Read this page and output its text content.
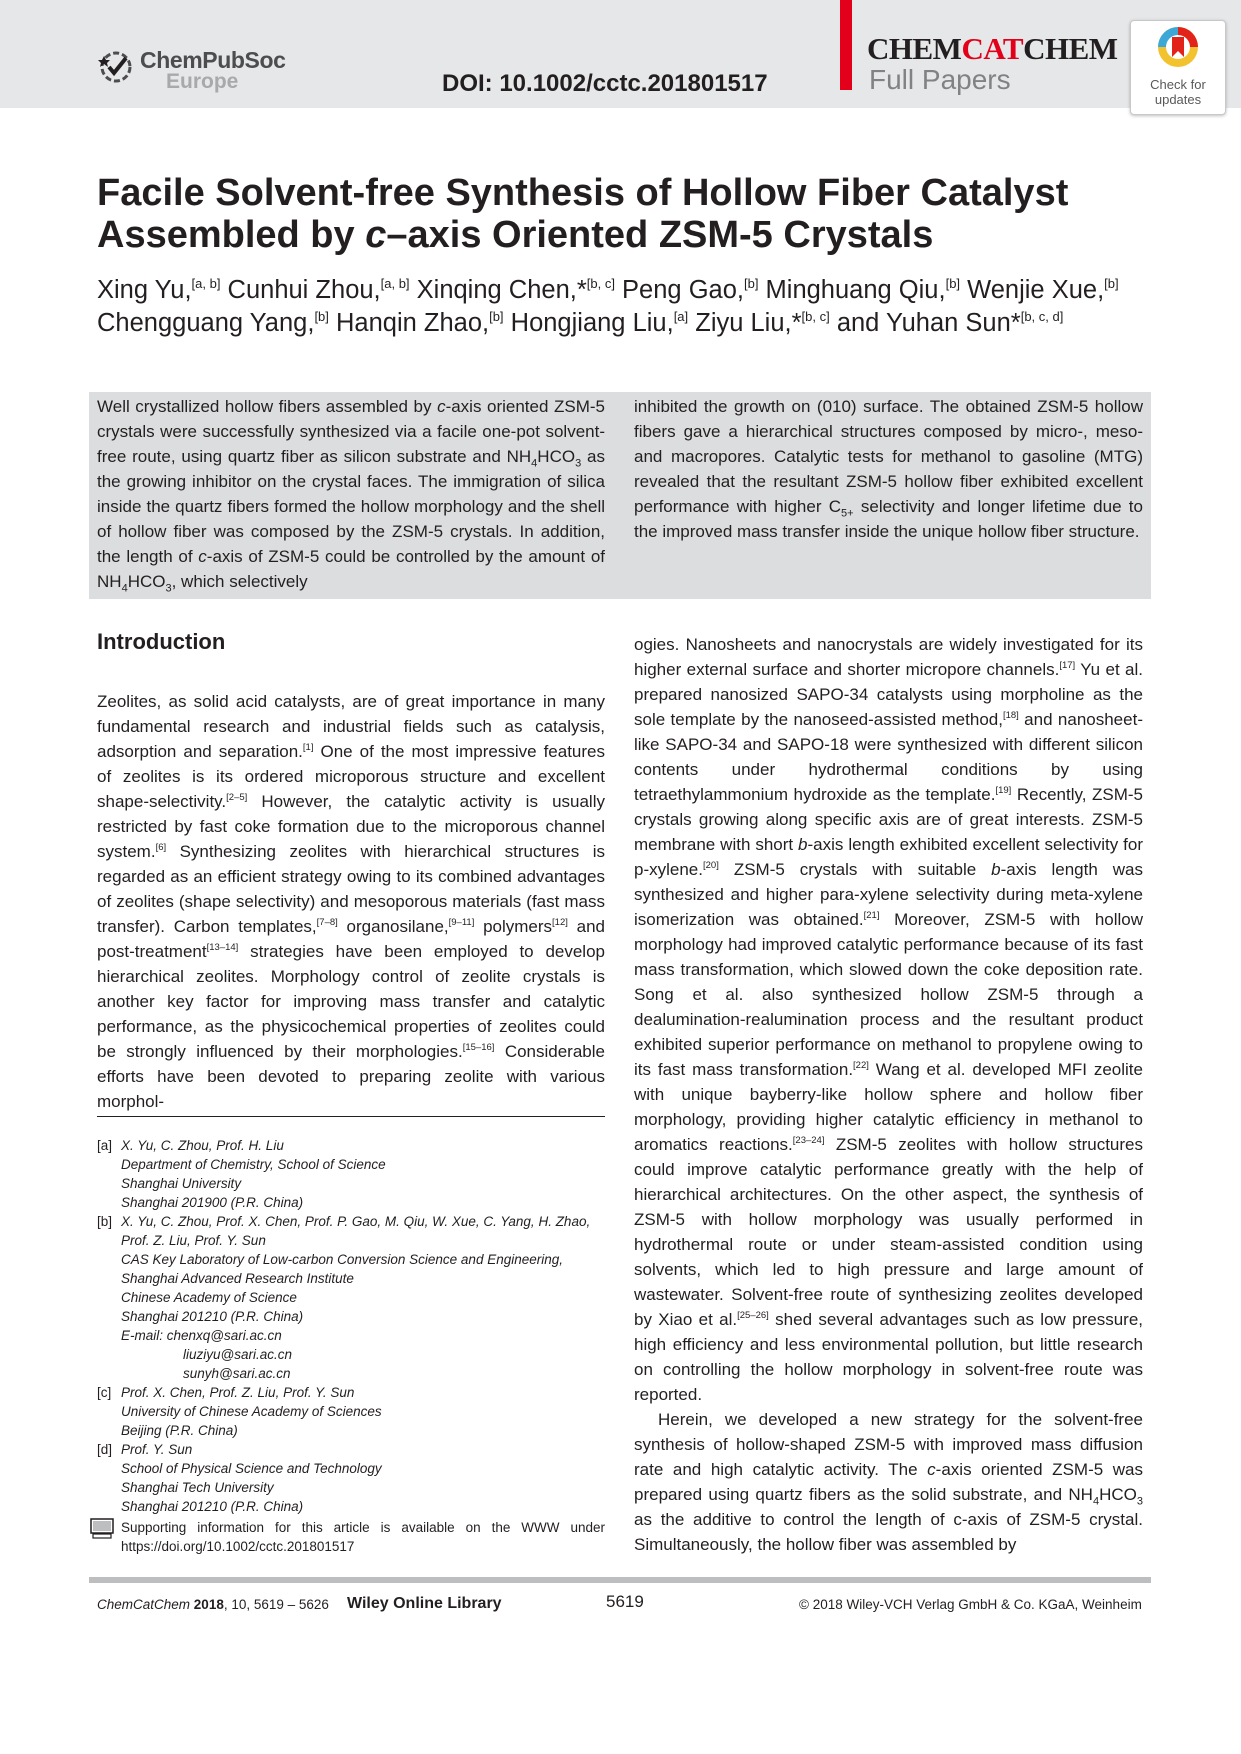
ChemPubSoc
Europe	DOI: 10.1002/cctc.201801517
CHEMCATCHEM
Full Papers	Check for
updates
Facile Solvent-free Synthesis of Hollow Fiber Catalyst
Assembled by c–axis Oriented ZSM-5 Crystals
Xing Yu,[a, b] Cunhui Zhou,[a, b] Xinqing Chen,*[b, c] Peng Gao,[b] Minghuang Qiu,[b] Wenjie Xue,[b]
Chengguang Yang,[b] Hanqin Zhao,[b] Hongjiang Liu,[a] Ziyu Liu,*[b, c] and Yuhan Sun*[b, c, d]
Well crystallized hollow fibers assembled by c-axis oriented ZSM-5 crystals were successfully synthesized via a facile one-pot solvent-free route, using quartz fiber as silicon substrate and $NH_4HCO_3$ as the growing inhibitor on the crystal faces. The immigration of silica inside the quartz fibers formed the hollow morphology and the shell of hollow fiber was composed by the ZSM-5 crystals. In addition, the length of c-axis of ZSM-5 could be controlled by the amount of $NH_4HCO_3$, which selectively
inhibited the growth on (010) surface. The obtained ZSM-5 hollow fibers gave a hierarchical structures composed by micro-, meso- and macropores. Catalytic tests for methanol to gasoline (MTG) revealed that the resultant ZSM-5 hollow fiber exhibited excellent performance with higher $C_{5+}$ selectivity and longer lifetime due to the improved mass transfer inside the unique hollow fiber structure.
Introduction
Zeolites, as solid acid catalysts, are of great importance in many fundamental research and industrial fields such as catalysis, adsorption and separation.[1] One of the most impressive features of zeolites is its ordered microporous structure and excellent shape-selectivity.[2–5] However, the catalytic activity is usually restricted by fast coke formation due to the microporous channel system.[6] Synthesizing zeolites with hierarchical structures is regarded as an efficient strategy owing to its combined advantages of zeolites (shape selectivity) and mesoporous materials (fast mass transfer). Carbon templates,[7–8] organosilane,[9–11] polymers[12] and post-treatment[13–14] strategies have been employed to develop hierarchical zeolites. Morphology control of zeolite crystals is another key factor for improving mass transfer and catalytic performance, as the physicochemical properties of zeolites could be strongly influenced by their morphologies.[15–16] Considerable efforts have been devoted to preparing zeolite with various morphol-

ogies. Nanosheets and nanocrystals are widely investigated for its higher external surface and shorter micropore channels.[17] Yu et al. prepared nanosized SAPO-34 catalysts using morpholine as the sole template by the nanoseed-assisted method,[18] and nanosheet-like SAPO-34 and SAPO-18 were synthesized with different silicon contents under hydrothermal conditions by using tetraethylammonium hydroxide as the template.[19] Recently, ZSM-5 crystals growing along specific axis are of great interests. ZSM-5 membrane with short b-axis length exhibited excellent selectivity for p-xylene.[20] ZSM-5 crystals with suitable b-axis length was synthesized and higher para-xylene selectivity during meta-xylene isomerization was obtained.[21] Moreover, ZSM-5 with hollow morphology had improved catalytic performance because of its fast mass transformation, which slowed down the coke deposition rate. Song et al. also synthesized hollow ZSM-5 through a dealumination-realumination process and the resultant product exhibited superior performance on methanol to propylene owing to its fast mass transformation.[22] Wang et al. developed MFI zeolite with unique bayberry-like hollow sphere and hollow fiber morphology, providing higher catalytic efficiency in methanol to aromatics reactions.[23–24] ZSM-5 zeolites with hollow structures could improve catalytic performance greatly with the help of hierarchical architectures. On the other aspect, the synthesis of ZSM-5 with hollow morphology was usually performed in hydrothermal route or under steam-assisted condition using solvents, which led to high pressure and large amount of wastewater. Solvent-free route of synthesizing zeolites developed by Xiao et al.[25–26] shed several advantages such as low pressure, high efficiency and less environmental pollution, but little research on controlling the hollow morphology in solvent-free route was reported.

Herein, we developed a new strategy for the solvent-free synthesis of hollow-shaped ZSM-5 with improved mass diffusion rate and high catalytic activity. The c-axis oriented ZSM-5 was prepared using quartz fibers as the solid substrate, and $NH_4HCO_3$ as the additive to control the length of c-axis of ZSM-5 crystal. Simultaneously, the hollow fiber was assembled by

[a] X. Yu, C. Zhou, Prof. H. Liu
Department of Chemistry, School of Science
Shanghai University
Shanghai 201900 (P.R. China)
[b] X. Yu, C. Zhou, Prof. X. Chen, Prof. P. Gao, M. Qiu, W. Xue, C. Yang, H. Zhao,
Prof. Z. Liu, Prof. Y. Sun
CAS Key Laboratory of Low-carbon Conversion Science and Engineering,
Shanghai Advanced Research Institute
Chinese Academy of Science
Shanghai 201210 (P.R. China)
E-mail: chenxq@sari.ac.cn
liuziyu@sari.ac.cn
sunyh@sari.ac.cn
[c] Prof. X. Chen, Prof. Z. Liu, Prof. Y. Sun
University of Chinese Academy of Sciences
Beijing (P.R. China)
[d] Prof. Y. Sun
School of Physical Science and Technology
Shanghai Tech University
Shanghai 201210 (P.R. China)
Supporting information for this article is available on the WWW under https://doi.org/10.1002/cctc.201801517
ChemCatChem 2018, 10, 5619 – 5626 Wiley Online Library	5619	© 2018 Wiley-VCH Verlag GmbH & Co. KGaA, Weinheim
